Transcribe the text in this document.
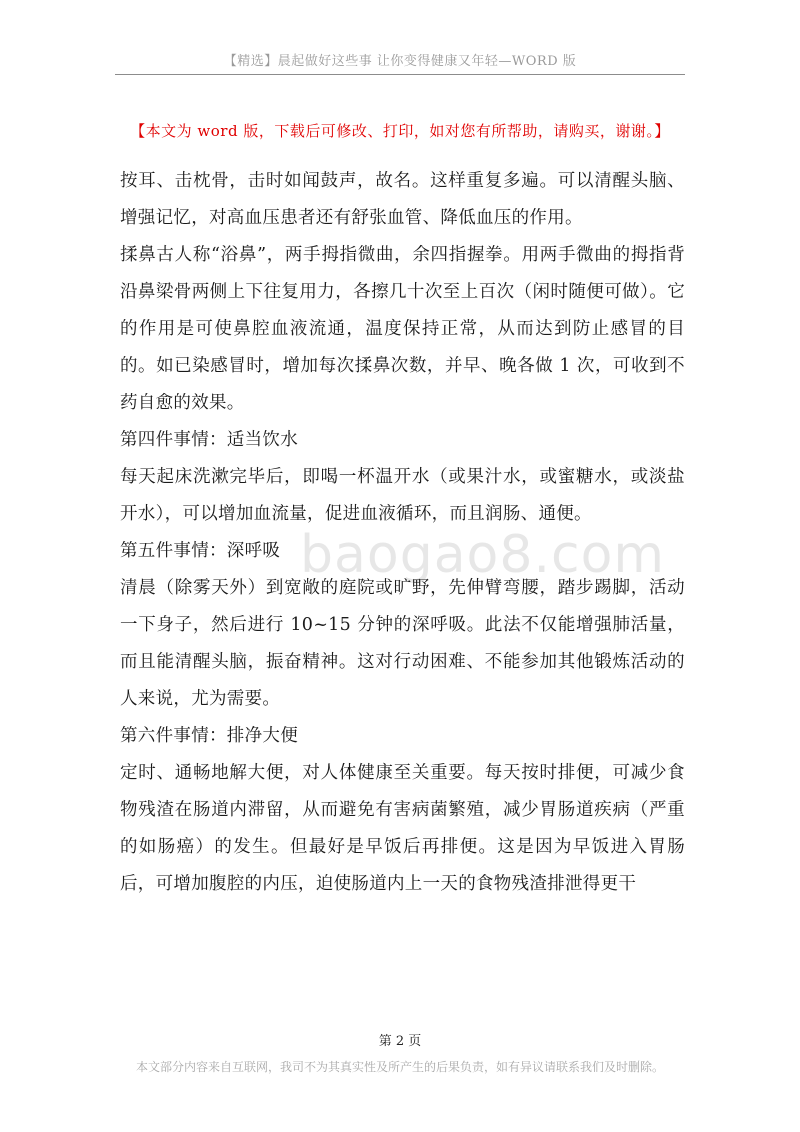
【精选】晨起做好这些事 让你变得健康又年轻—WORD 版
【本文为 word 版，下载后可修改、打印，如对您有所帮助，请购买，谢谢。】
baogao8.com

按耳、击枕骨，击时如闻鼓声，故名。这样重复多遍。可以清醒头脑、增强记忆，对高血压患者还有舒张血管、降低血压的作用。

揉鼻古人称“浴鼻”，两手拇指微曲，余四指握拳。用两手微曲的拇指背沿鼻梁骨两侧上下往复用力，各擦几十次至上百次（闲时随便可做）。它的作用是可使鼻腔血液流通，温度保持正常，从而达到防止感冒的目的。如已染感冒时，增加每次揉鼻次数，并早、晚各做 1 次，可收到不药自愈的效果。

第四件事情：适当饮水

每天起床洗漱完毕后，即喝一杯温开水（或果汁水，或蜜糖水，或淡盐开水），可以增加血流量，促进血液循环，而且润肠、通便。

第五件事情：深呼吸

清晨（除雾天外）到宽敞的庭院或旷野，先伸臂弯腰，踏步踢脚，活动一下身子，然后进行 10~15 分钟的深呼吸。此法不仅能增强肺活量，而且能清醒头脑，振奋精神。这对行动困难、不能参加其他锻炼活动的人来说，尤为需要。

第六件事情：排净大便

定时、通畅地解大便，对人体健康至关重要。每天按时排便，可减少食物残渣在肠道内滞留，从而避免有害病菌繁殖，减少胃肠道疾病（严重的如肠癌）的发生。但最好是早饭后再排便。这是因为早饭进入胃肠后，可增加腹腔的内压，迫使肠道内上一天的食物残渣排泄得更干

第 2 页
本文部分内容来自互联网，我司不为其真实性及所产生的后果负责，如有异议请联系我们及时删除。
